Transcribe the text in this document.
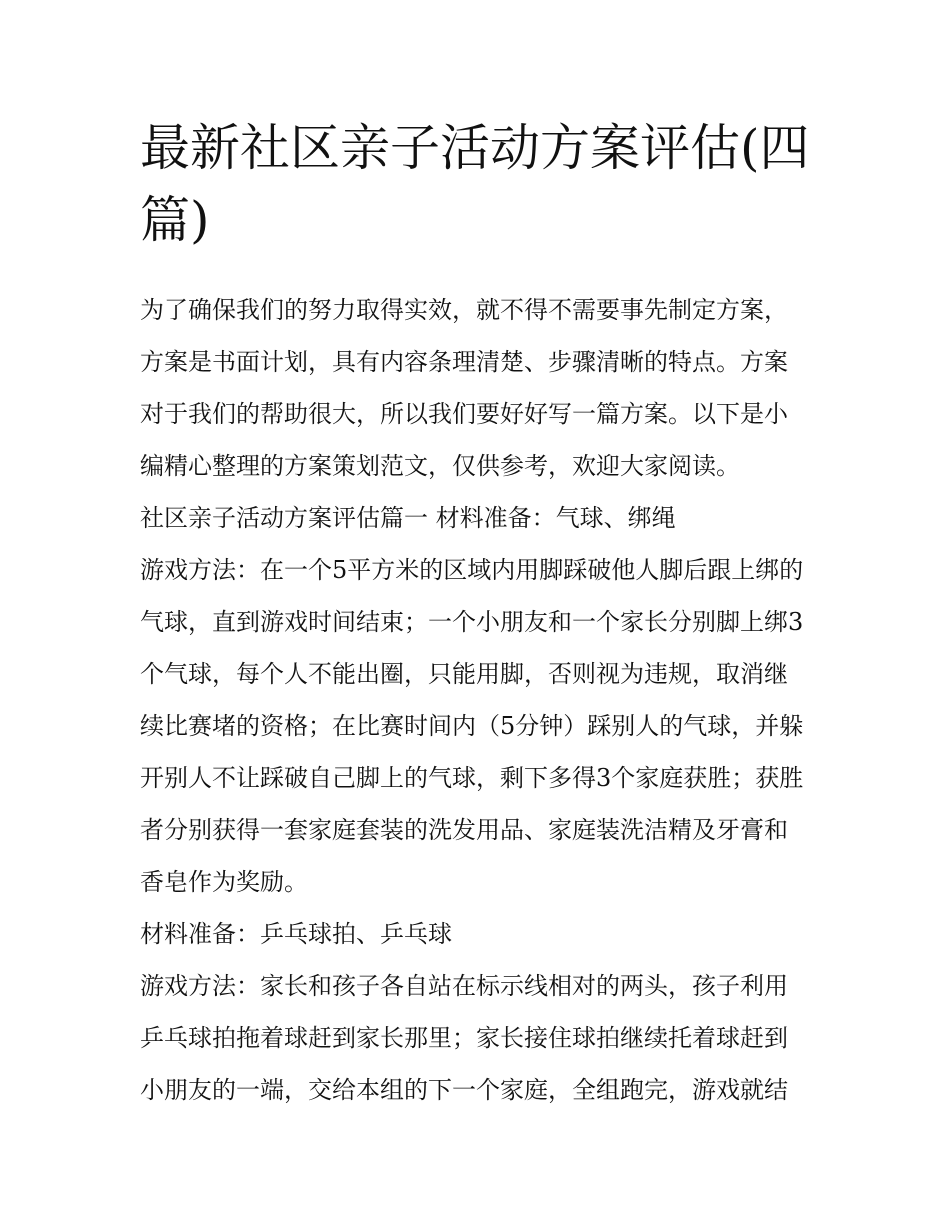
最新社区亲子活动方案评估(四篇)

为了确保我们的努力取得实效，就不得不需要事先制定方案，方案是书面计划，具有内容条理清楚、步骤清晰的特点。方案对于我们的帮助很大，所以我们要好好写一篇方案。以下是小编精心整理的方案策划范文，仅供参考，欢迎大家阅读。

社区亲子活动方案评估篇一 材料准备：气球、绑绳

游戏方法：在一个5平方米的区域内用脚踩破他人脚后跟上绑的气球，直到游戏时间结束；一个小朋友和一个家长分别脚上绑3个气球，每个人不能出圈，只能用脚，否则视为违规，取消继续比赛堵的资格；在比赛时间内（5分钟）踩别人的气球，并躲开别人不让踩破自己脚上的气球，剩下多得3个家庭获胜；获胜者分别获得一套家庭套装的洗发用品、家庭装洗洁精及牙膏和香皂作为奖励。

材料准备：乒乓球拍、乒乓球

游戏方法：家长和孩子各自站在标示线相对的两头，孩子利用乒乓球拍拖着球赶到家长那里；家长接住球拍继续托着球赶到小朋友的一端，交给本组的下一个家庭，全组跑完，游戏就结
